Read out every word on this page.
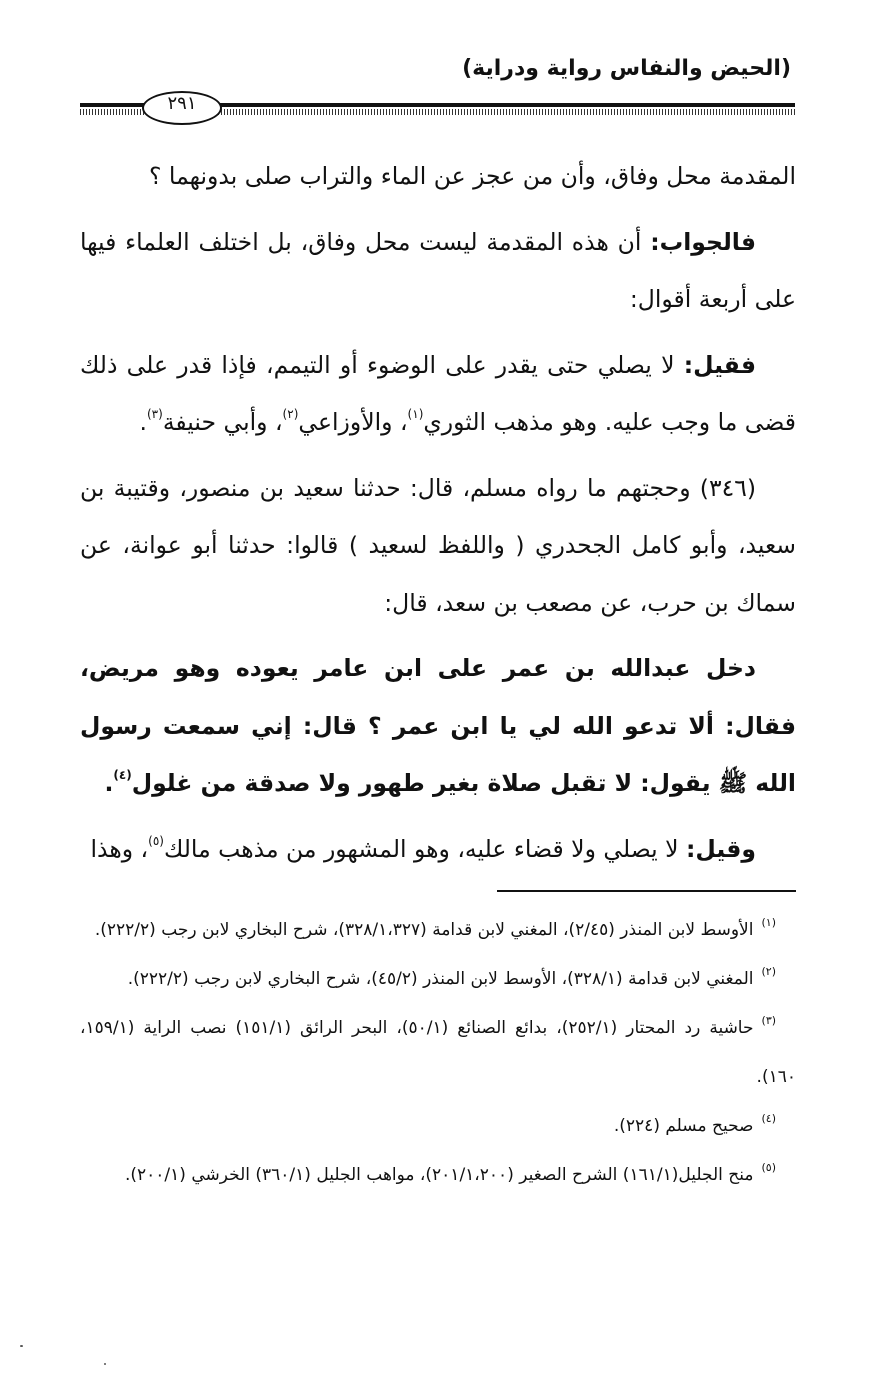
(الحيض والنفاس رواية ودراية)
٢٩١

المقدمة محل وفاق، وأن من عجز عن الماء والتراب صلى بدونهما ؟

فالجواب: أن هذه المقدمة ليست محل وفاق، بل اختلف العلماء فيها على أربعة أقوال:

فقيل: لا يصلي حتى يقدر على الوضوء أو التيمم، فإذا قدر على ذلك قضى ما وجب عليه. وهو مذهب الثوري$^{(١)}$، والأوزاعي$^{(٢)}$، وأبي حنيفة$^{(٣)}$.

(٣٤٦) وحجتهم ما رواه مسلم، قال: حدثنا سعيد بن منصور، وقتيبة بن سعيد، وأبو كامل الجحدري ( واللفظ لسعيد ) قالوا: حدثنا أبو عوانة، عن سماك بن حرب، عن مصعب بن سعد، قال:

دخل عبدالله بن عمر على ابن عامر يعوده وهو مريض، فقال: ألا تدعو الله لي يا ابن عمر ؟ قال: إني سمعت رسول الله ﷺ يقول: لا تقبل صلاة بغير طهور ولا صدقة من غلول$^{(٤)}$.

وقيل: لا يصلي ولا قضاء عليه، وهو المشهور من مذهب مالك$^{(٥)}$، وهذا

$^{(١)}$الأوسط لابن المنذر (٢/٤٥)، المغني لابن قدامة (٣٢٨/١،٣٢٧)، شرح البخاري لابن رجب (٢٢٢/٢).

$^{(٢)}$المغني لابن قدامة (٣٢٨/١)، الأوسط لابن المنذر (٤٥/٢)، شرح البخاري لابن رجب (٢٢٢/٢).

$^{(٣)}$حاشية رد المحتار (٢٥٢/١)، بدائع الصنائع (٥٠/١)، البحر الرائق (١٥١/١) نصب الراية (١٥٩/١، ١٦٠).

$^{(٤)}$صحيح مسلم (٢٢٤).

$^{(٥)}$منح الجليل(١٦١/١) الشرح الصغير (٢٠١/١،٢٠٠)، مواهب الجليل (٣٦٠/١) الخرشي (٢٠٠/١).
